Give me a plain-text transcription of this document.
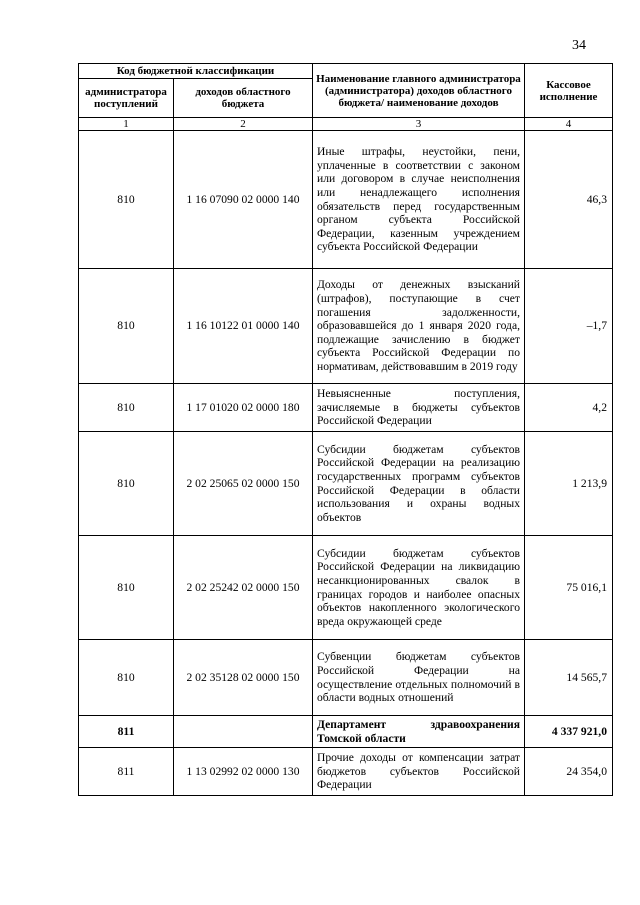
34
Код бюджетной классификации		Наименование главного администратора (администратора) доходов областного бюджета/ наименование доходов	Кассовое исполнение
администратора поступлений	доходов областного бюджета		
1	2	3	4
810	1 16 07090 02 0000 140	Иные штрафы, неустойки, пени, уплаченные в соответствии с законом или договором в случае неисполнения или ненадлежащего исполнения обязательств перед государственным органом субъекта Российской Федерации, казенным учреждением субъекта Российской Федерации	46,3
810	1 16 10122 01 0000 140	Доходы от денежных взысканий (штрафов), поступающие в счет погашения задолженности, образовавшейся до 1 января 2020 года, подлежащие зачислению в бюджет субъекта Российской Федерации по нормативам, действовавшим в 2019 году	–1,7
810	1 17 01020 02 0000 180	Невыясненные поступления, зачисляемые в бюджеты субъектов Российской Федерации	4,2
810	2 02 25065 02 0000 150	Субсидии бюджетам субъектов Российской Федерации на реализацию государственных программ субъектов Российской Федерации в области использования и охраны водных объектов	1 213,9
810	2 02 25242 02 0000 150	Субсидии бюджетам субъектов Российской Федерации на ликвидацию несанкционированных свалок в границах городов и наиболее опасных объектов накопленного экологического вреда окружающей среде	75 016,1
810	2 02 35128 02 0000 150	Субвенции бюджетам субъектов Российской Федерации на осуществление отдельных полномочий в области водных отношений	14 565,7
811		Департамент здравоохранения Томской области	4 337 921,0
811	1 13 02992 02 0000 130	Прочие доходы от компенсации затрат бюджетов субъектов Российской Федерации	24 354,0
